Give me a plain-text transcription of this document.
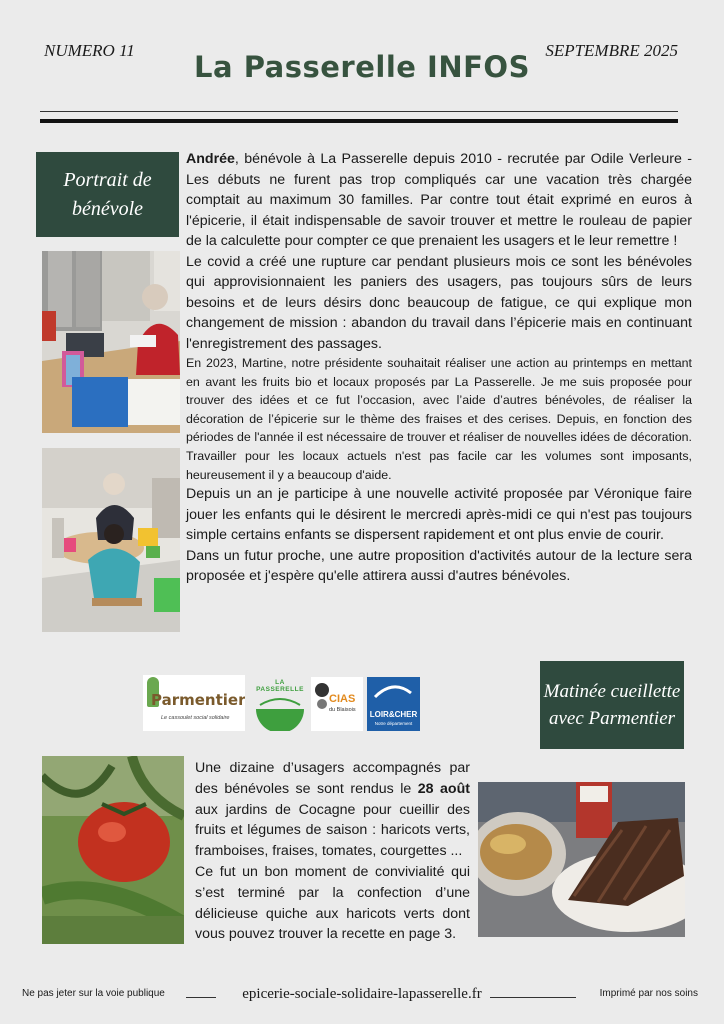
NUMERO 11	La Passerelle INFOS SEPTEMBRE 2025
Portrait de bénévole

Andrée, bénévole à La Passerelle depuis 2010 - recrutée par Odile Verleure - Les débuts ne furent pas trop compliqués car une vacation très chargée comptait au maximum 30 familles. Par contre tout était exprimé en euros à l'épicerie, il était indispensable de savoir trouver et mettre le rouleau de papier de la calculette pour compter ce que prenaient les usagers et le leur remettre !

Le covid a créé une rupture car pendant plusieurs mois ce sont les bénévoles qui approvisionnaient les paniers des usagers, pas toujours sûrs de leurs besoins et de leurs désirs donc beaucoup de fatigue, ce qui explique mon changement de mission : abandon du travail dans l’épicerie mais en continuant l'enregistrement des passages.

En 2023, Martine, notre présidente souhaitait réaliser une action au printemps en mettant en avant les fruits bio et locaux proposés par La Passerelle. Je me suis proposée pour trouver des idées et ce fut l’occasion, avec l’aide d’autres bénévoles, de réaliser la décoration de l’épicerie sur le thème des fraises et des cerises. Depuis, en fonction des périodes de l'année il est nécessaire de trouver et réaliser de nouvelles idées de décoration. Travailler pour les locaux actuels n'est pas facile car les volumes sont imposants, heureusement il y a beaucoup d'aide.

Depuis un an je participe à une nouvelle activité proposée par Véronique faire jouer les enfants qui le désirent le mercredi après-midi ce qui n'est pas toujours simple certains enfants se dispersent rapidement et ont plus envie de courir.

Dans un futur proche, une autre proposition d'activités autour de la lecture sera proposée et j'espère qu'elle attirera aussi d'autres bénévoles.

Parmentier
Le cassoulet social solidaire
LA PASSERELLE
CIAS
du Blaisois	LOIR&CHER
Notre département
Matinée cueillette avec Parmentier

Une dizaine d’usagers accompagnés par des bénévoles se sont rendus le 28 août aux jardins de Cocagne pour cueillir des fruits et légumes de saison : haricots verts, framboises, fraises, tomates, courgettes ...

Ce fut un bon moment de convivialité qui s’est terminé par la confection d’une délicieuse quiche aux haricots verts dont vous pouvez trouver la recette en page 3.

Ne pas jeter sur la voie publique	epicerie-sociale-solidaire-lapasserelle.fr	Imprimé par nos soins
